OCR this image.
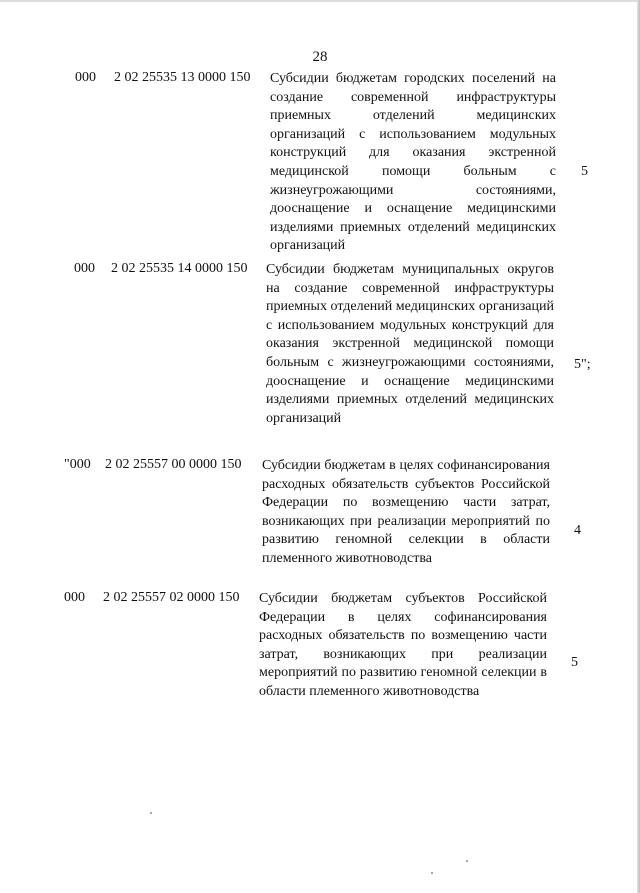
28
000 2 02 25535 13 0000 150 Субсидии бюджетам городских поселений на создание современной инфраструктуры приемных отделений медицинских организаций с использованием модульных конструкций для оказания экстренной медицинской помощи больным с жизнеугрожающими состояниями, дооснащение и оснащение медицинскими изделиями приемных отделений медицинских организаций
5
000 2 02 25535 14 0000 150 Субсидии бюджетам муниципальных округов на создание современной инфраструктуры приемных отделений медицинских организаций с использованием модульных конструкций для оказания экстренной медицинской помощи больным с жизнеугрожающими состояниями, дооснащение и оснащение медицинскими изделиями приемных отделений медицинских организаций
5";
"000 2 02 25557 00 0000 150 Субсидии бюджетам в целях софинансирования расходных обязательств субъектов Российской Федерации по возмещению части затрат, возникающих при реализации мероприятий по развитию геномной селекции в области племенного животноводства
4
000 2 02 25557 02 0000 150 Субсидии бюджетам субъектов Российской Федерации в целях софинансирования расходных обязательств по возмещению части затрат, возникающих при реализации мероприятий по развитию геномной селекции в области племенного животноводства
5
